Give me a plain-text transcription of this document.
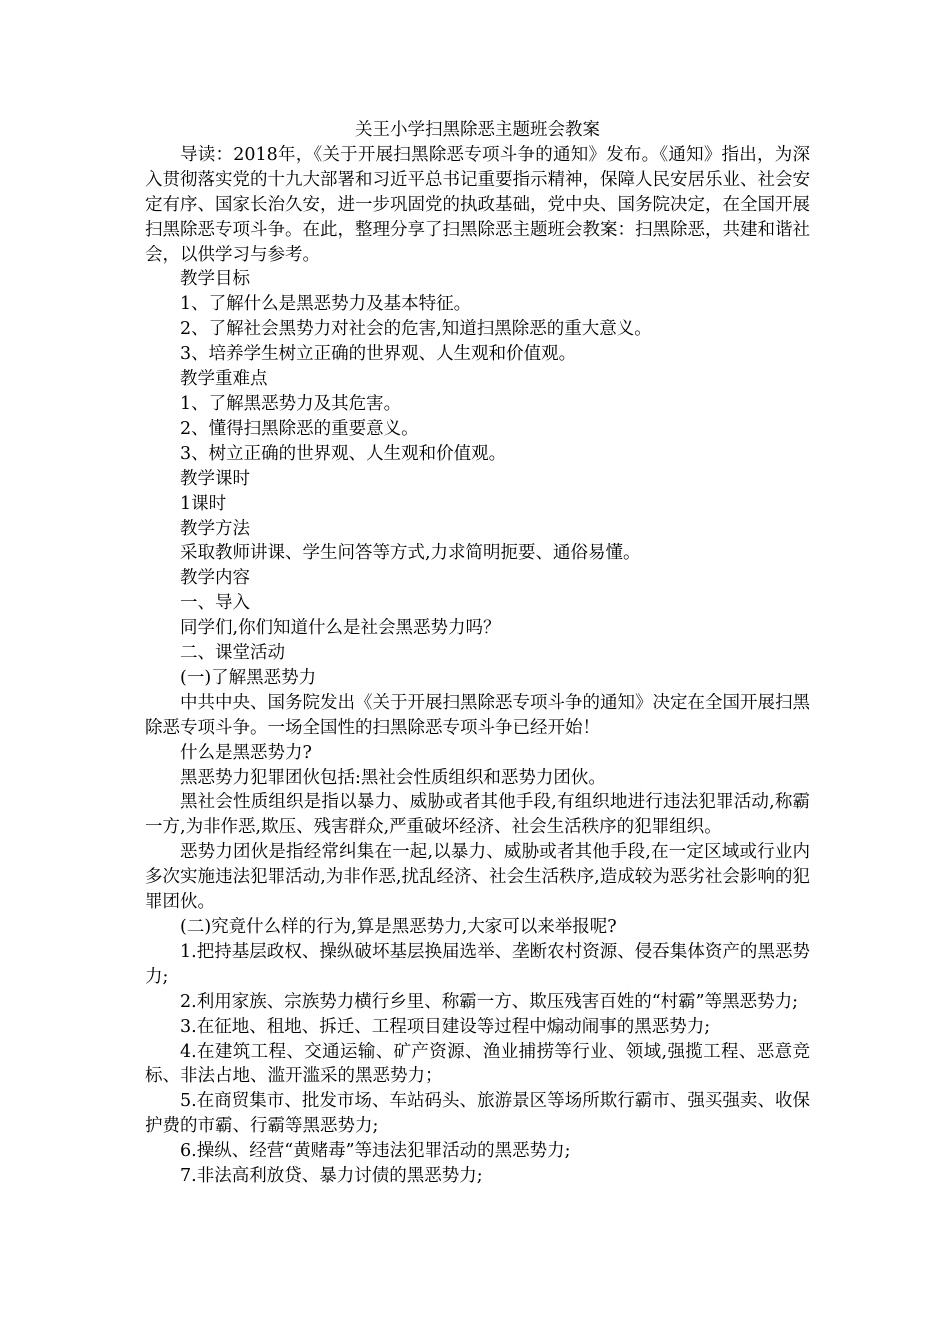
关王小学扫黑除恶主题班会教案

导读：2018年，《关于开展扫黑除恶专项斗争的通知》发布。《通知》指出，为深入贯彻落实党的十九大部署和习近平总书记重要指示精神，保障人民安居乐业、社会安定有序、国家长治久安，进一步巩固党的执政基础，党中央、国务院决定，在全国开展扫黑除恶专项斗争。在此，整理分享了扫黑除恶主题班会教案：扫黑除恶，共建和谐社会，以供学习与参考。

教学目标

1、了解什么是黑恶势力及基本特征。

2、了解社会黑势力对社会的危害,知道扫黑除恶的重大意义。

3、培养学生树立正确的世界观、人生观和价值观。

教学重难点

1、了解黑恶势力及其危害。

2、懂得扫黑除恶的重要意义。

3、树立正确的世界观、人生观和价值观。

教学课时

1课时

教学方法

采取教师讲课、学生问答等方式,力求简明扼要、通俗易懂。

教学内容

一、导入

同学们,你们知道什么是社会黑恶势力吗？

二、课堂活动

(一)了解黑恶势力

中共中央、国务院发出《关于开展扫黑除恶专项斗争的通知》决定在全国开展扫黑除恶专项斗争。一场全国性的扫黑除恶专项斗争已经开始！

什么是黑恶势力?

黑恶势力犯罪团伙包括:黑社会性质组织和恶势力团伙。

黑社会性质组织是指以暴力、威胁或者其他手段,有组织地进行违法犯罪活动,称霸一方,为非作恶,欺压、残害群众,严重破坏经济、社会生活秩序的犯罪组织。

恶势力团伙是指经常纠集在一起,以暴力、威胁或者其他手段,在一定区域或行业内多次实施违法犯罪活动,为非作恶,扰乱经济、社会生活秩序,造成较为恶劣社会影响的犯罪团伙。

(二)究竟什么样的行为,算是黑恶势力,大家可以来举报呢?

1.把持基层政权、操纵破坏基层换届选举、垄断农村资源、侵吞集体资产的黑恶势力;

2.利用家族、宗族势力横行乡里、称霸一方、欺压残害百姓的“村霸”等黑恶势力;

3.在征地、租地、拆迁、工程项目建设等过程中煽动闹事的黑恶势力;

4.在建筑工程、交通运输、矿产资源、渔业捕捞等行业、领域,强揽工程、恶意竞标、非法占地、滥开滥采的黑恶势力；

5.在商贸集市、批发市场、车站码头、旅游景区等场所欺行霸市、强买强卖、收保护费的市霸、行霸等黑恶势力;

6.操纵、经营“黄赌毒”等违法犯罪活动的黑恶势力;

7.非法高利放贷、暴力讨债的黑恶势力;
